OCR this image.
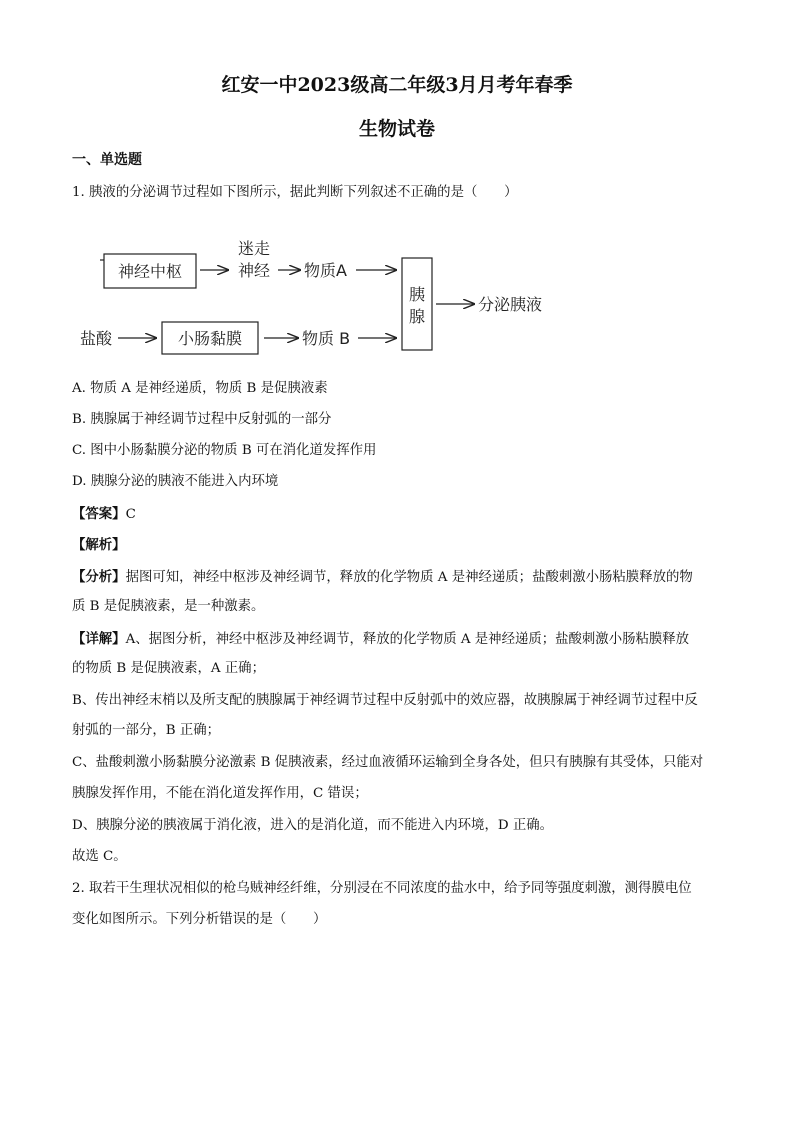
红安一中2023级高二年级3月月考年春季
生物试卷
一、单选题
1. 胰液的分泌调节过程如下图所示，据此判断下列叙述不正确的是（　　）
神经中枢
迷走
神经 物质A
胰
腺
分泌胰液
盐酸	小肠黏膜	物质 B
A. 物质 A 是神经递质，物质 B 是促胰液素
B. 胰腺属于神经调节过程中反射弧的一部分
C. 图中小肠黏膜分泌的物质 B 可在消化道发挥作用
D. 胰腺分泌的胰液不能进入内环境
【答案】C
【解析】
【分析】据图可知，神经中枢涉及神经调节，释放的化学物质 A 是神经递质；盐酸刺激小肠粘膜释放的物
质 B 是促胰液素，是一种激素。
【详解】A、据图分析，神经中枢涉及神经调节，释放的化学物质 A 是神经递质；盐酸刺激小肠粘膜释放
的物质 B 是促胰液素，A 正确；
B、传出神经末梢以及所支配的胰腺属于神经调节过程中反射弧中的效应器，故胰腺属于神经调节过程中反
射弧的一部分，B 正确；
C、盐酸刺激小肠黏膜分泌激素 B 促胰液素，经过血液循环运输到全身各处，但只有胰腺有其受体，只能对
胰腺发挥作用，不能在消化道发挥作用，C 错误；
D、胰腺分泌的胰液属于消化液，进入的是消化道，而不能进入内环境，D 正确。
故选 C。
2. 取若干生理状况相似的枪乌贼神经纤维，分别浸在不同浓度的盐水中，给予同等强度刺激，测得膜电位
变化如图所示。下列分析错误的是（　　）
